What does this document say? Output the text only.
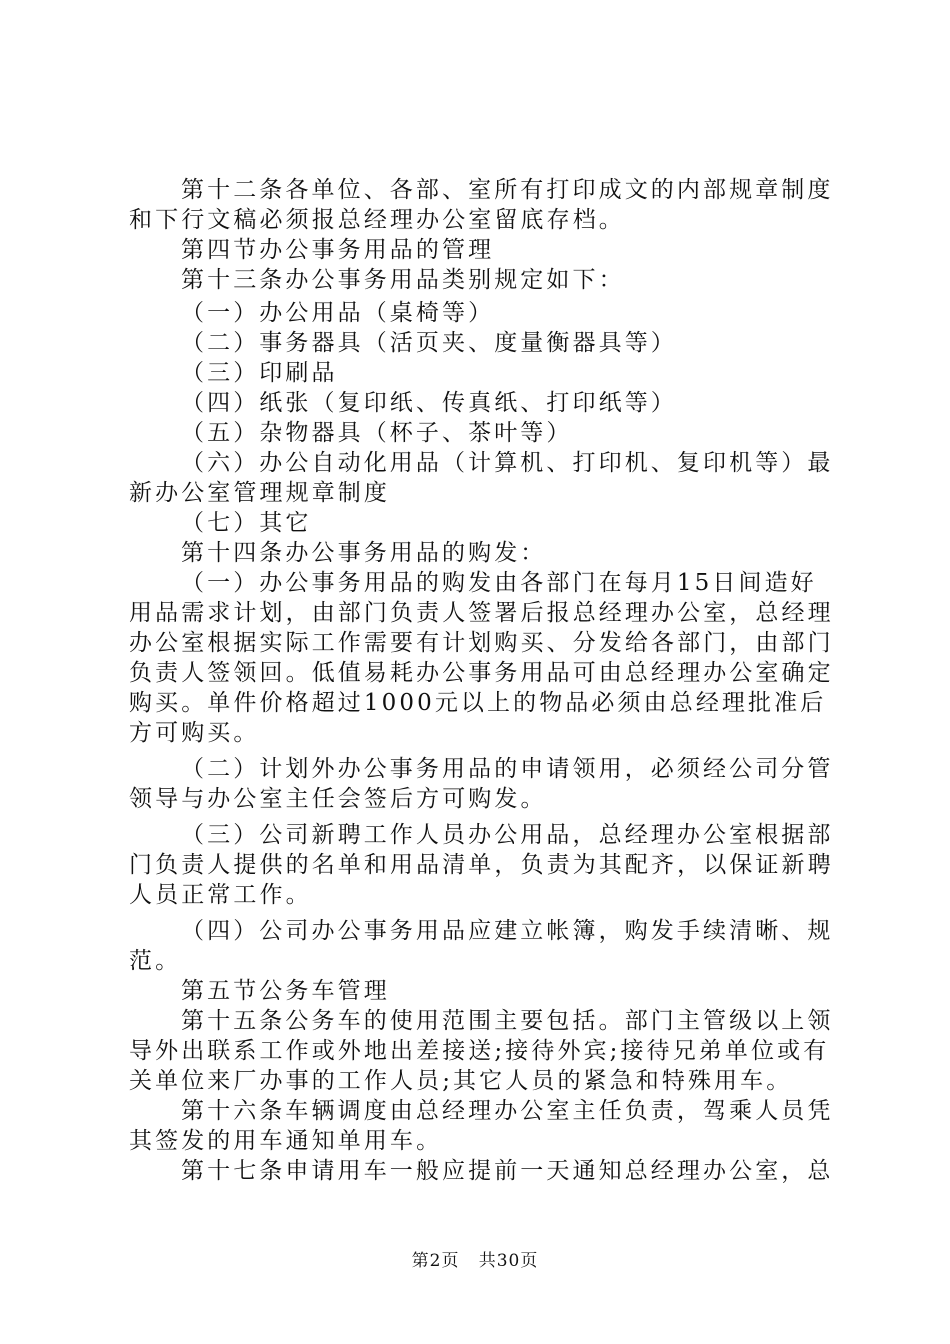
第十二条各单位、各部、室所有打印成文的内部规章制度和下行文稿必须报总经理办公室留底存档。

第四节办公事务用品的管理

第十三条办公事务用品类别规定如下：

（一）办公用品（桌椅等）

（二）事务器具（活页夹、度量衡器具等）

（三）印刷品

（四）纸张（复印纸、传真纸、打印纸等）

（五）杂物器具（杯子、茶叶等）

（六）办公自动化用品（计算机、打印机、复印机等）最新办公室管理规章制度

（七）其它

第十四条办公事务用品的购发：

（一）办公事务用品的购发由各部门在每月15日间造好用品需求计划，由部门负责人签署后报总经理办公室，总经理办公室根据实际工作需要有计划购买、分发给各部门，由部门负责人签领回。低值易耗办公事务用品可由总经理办公室确定购买。单件价格超过1000元以上的物品必须由总经理批准后方可购买。

（二）计划外办公事务用品的申请领用，必须经公司分管领导与办公室主任会签后方可购发。

（三）公司新聘工作人员办公用品，总经理办公室根据部门负责人提供的名单和用品清单，负责为其配齐，以保证新聘人员正常工作。

（四）公司办公事务用品应建立帐簿，购发手续清晰、规范。

第五节公务车管理

第十五条公务车的使用范围主要包括。部门主管级以上领导外出联系工作或外地出差接送;接待外宾;接待兄弟单位或有关单位来厂办事的工作人员;其它人员的紧急和特殊用车。

第十六条车辆调度由总经理办公室主任负责，驾乘人员凭其签发的用车通知单用车。

第十七条申请用车一般应提前一天通知总经理办公室，总

第2页 共30页
